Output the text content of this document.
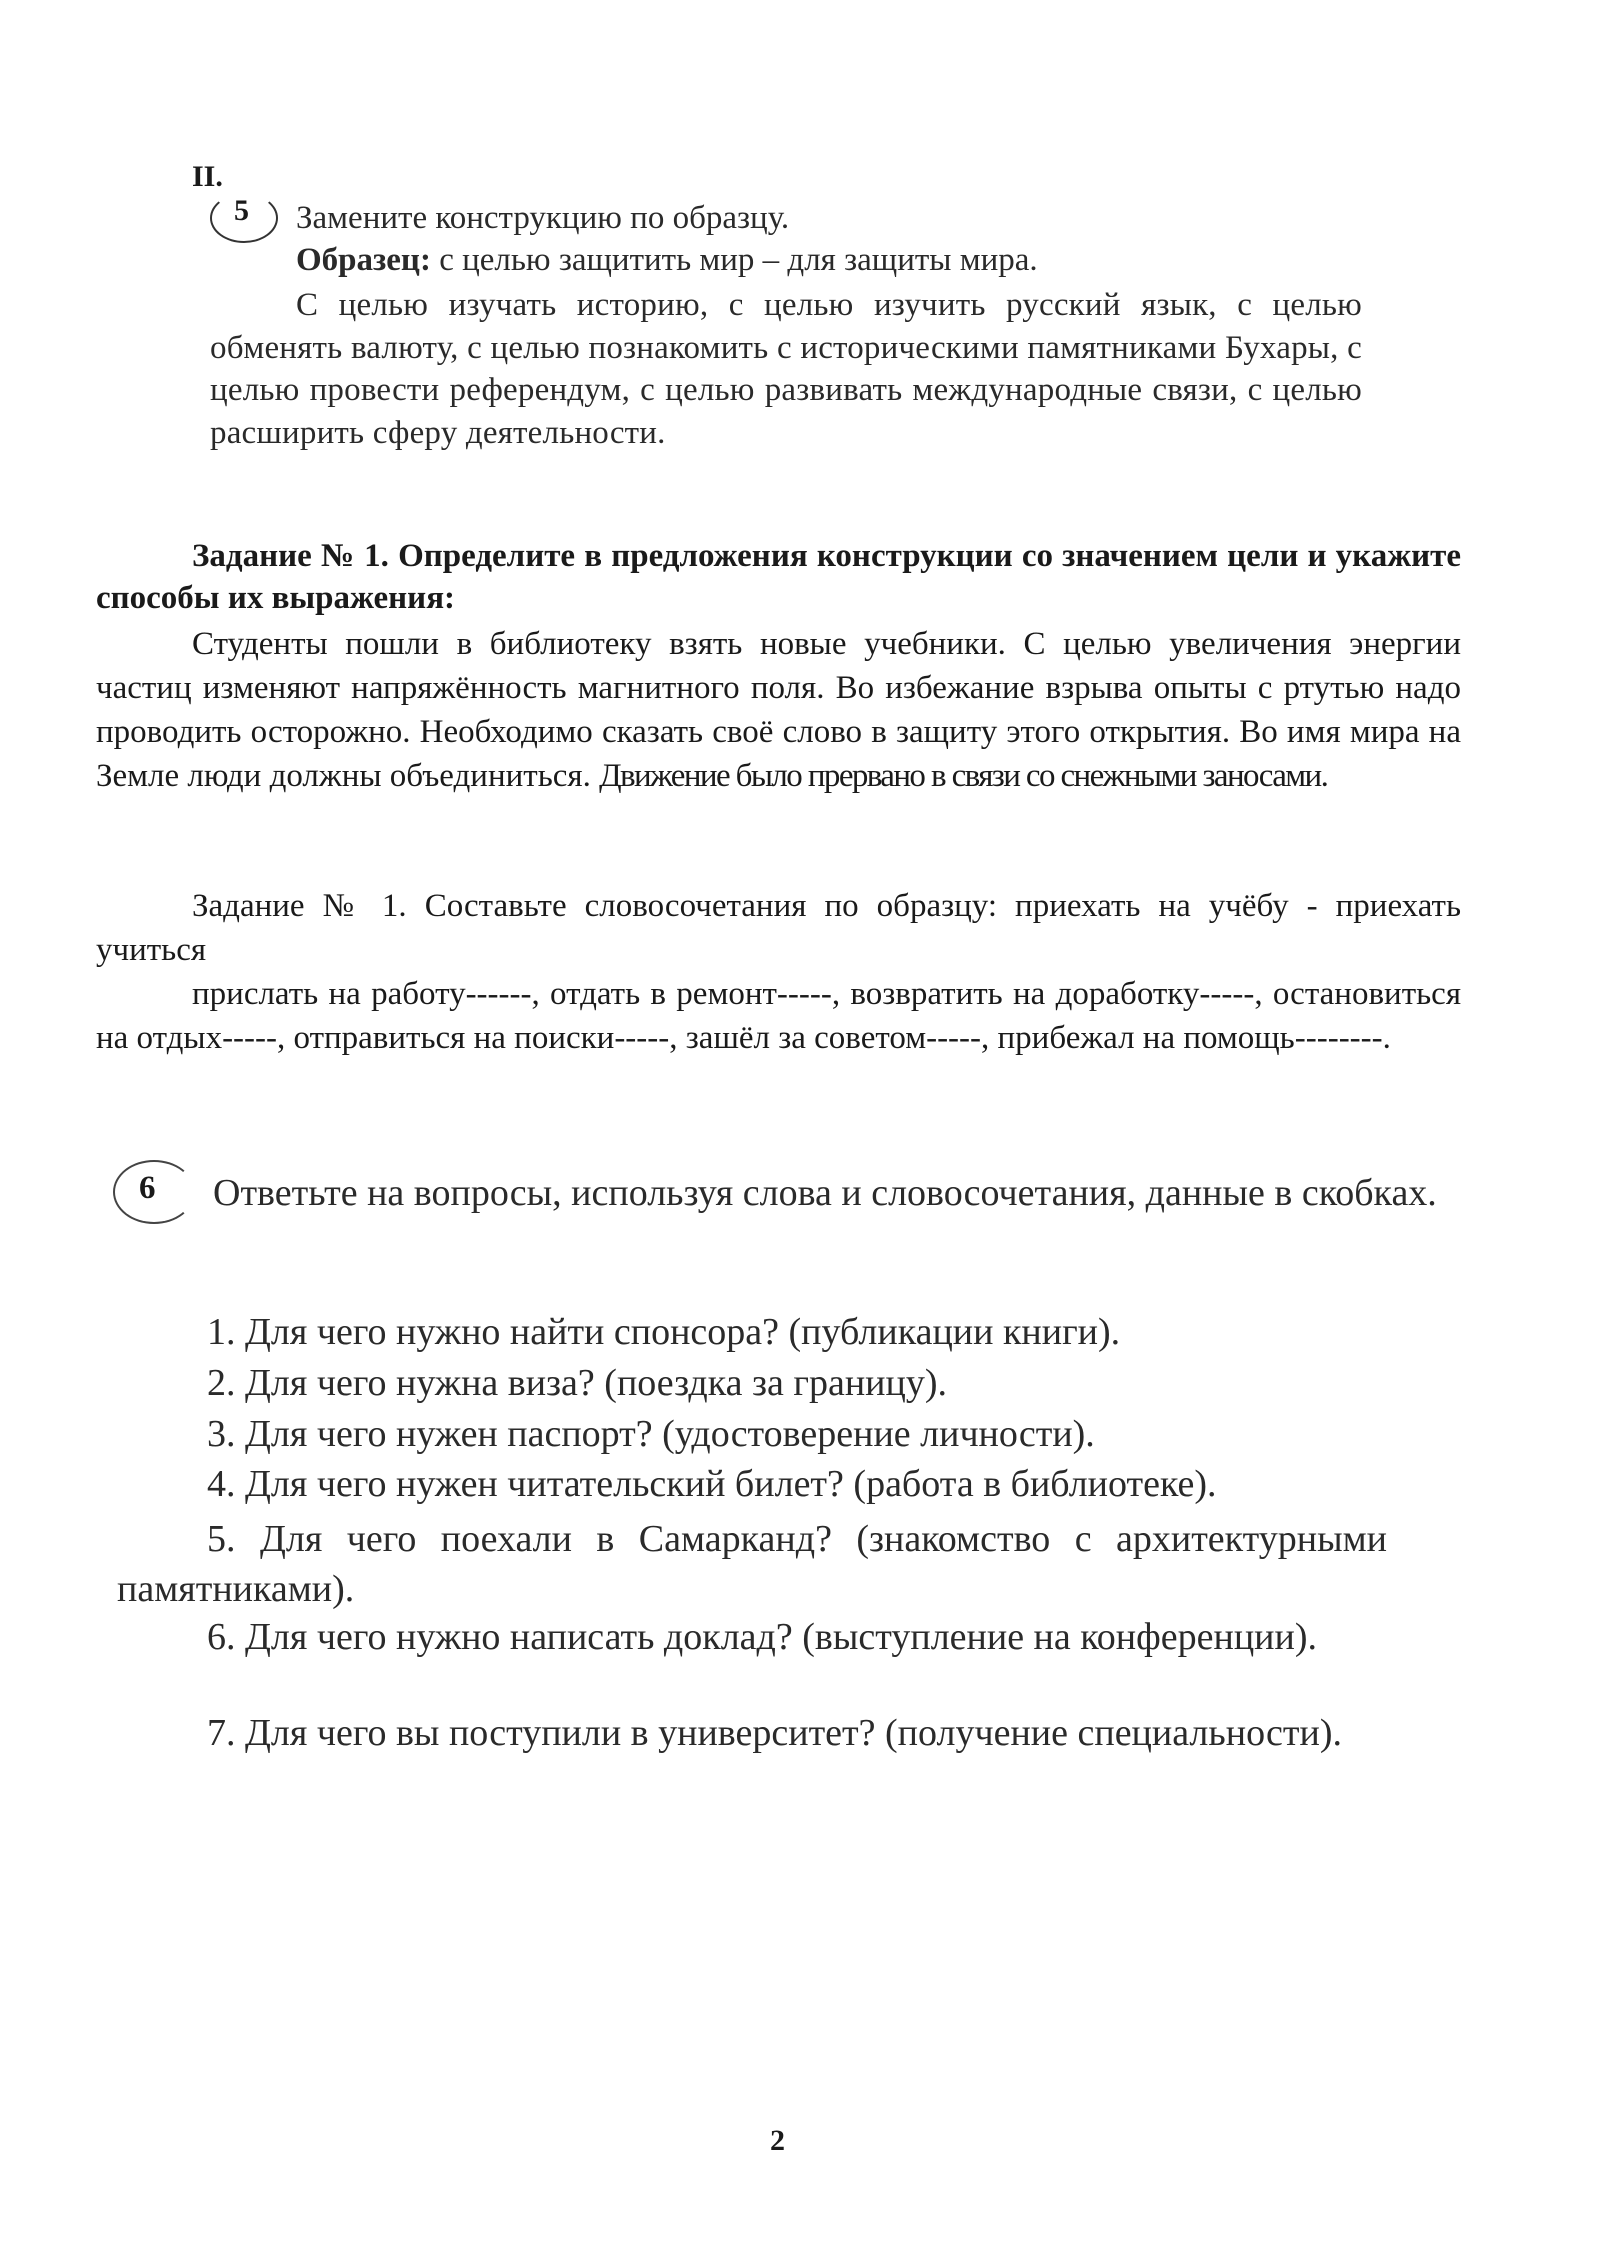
II.
5 Замените конструкцию по образцу.
Образец: с целью защитить мир – для защиты мира.
С целью изучать историю, с целью изучить русский язык, с целью обменять валюту, с целью познакомить с историческими памятниками Бухары, с целью провести референдум, с целью развивать международные связи, с целью расширить сферу деятельности.
Задание № 1. Определите в предложения конструкции со значением цели и укажите способы их выражения:
Студенты пошли в библиотеку взять новые учебники. С целью увеличения энергии частиц изменяют напряжённость магнитного поля. Во избежание взрыва опыты с ртутью надо проводить осторожно. Необходимо сказать своё слово в защиту этого открытия. Во имя мира на Земле люди должны объединиться. Движение было прервано в связи со снежными заносами.
Задание № 1. Составьте словосочетания по образцу: приехать на учёбу - приехать учиться
прислать на работу------, отдать в ремонт-----, возвратить на доработку-----, остановиться на отдых-----, отправиться на поиски-----, зашёл за советом-----, прибежал на помощь--------.
6	Ответьте на вопросы, используя слова и словосочетания, данные в скобках.
1. Для чего нужно найти спонсора? (публикации книги).
2. Для чего нужна виза? (поездка за границу).
3. Для чего нужен паспорт? (удостоверение личности).
4. Для чего нужен читательский билет? (работа в библиотеке).
5. Для чего поехали в Самарканд? (знакомство с архитектурными памятниками).
6. Для чего нужно написать доклад? (выступление на конференции).
7. Для чего вы поступили в университет? (получение специальности).
2
